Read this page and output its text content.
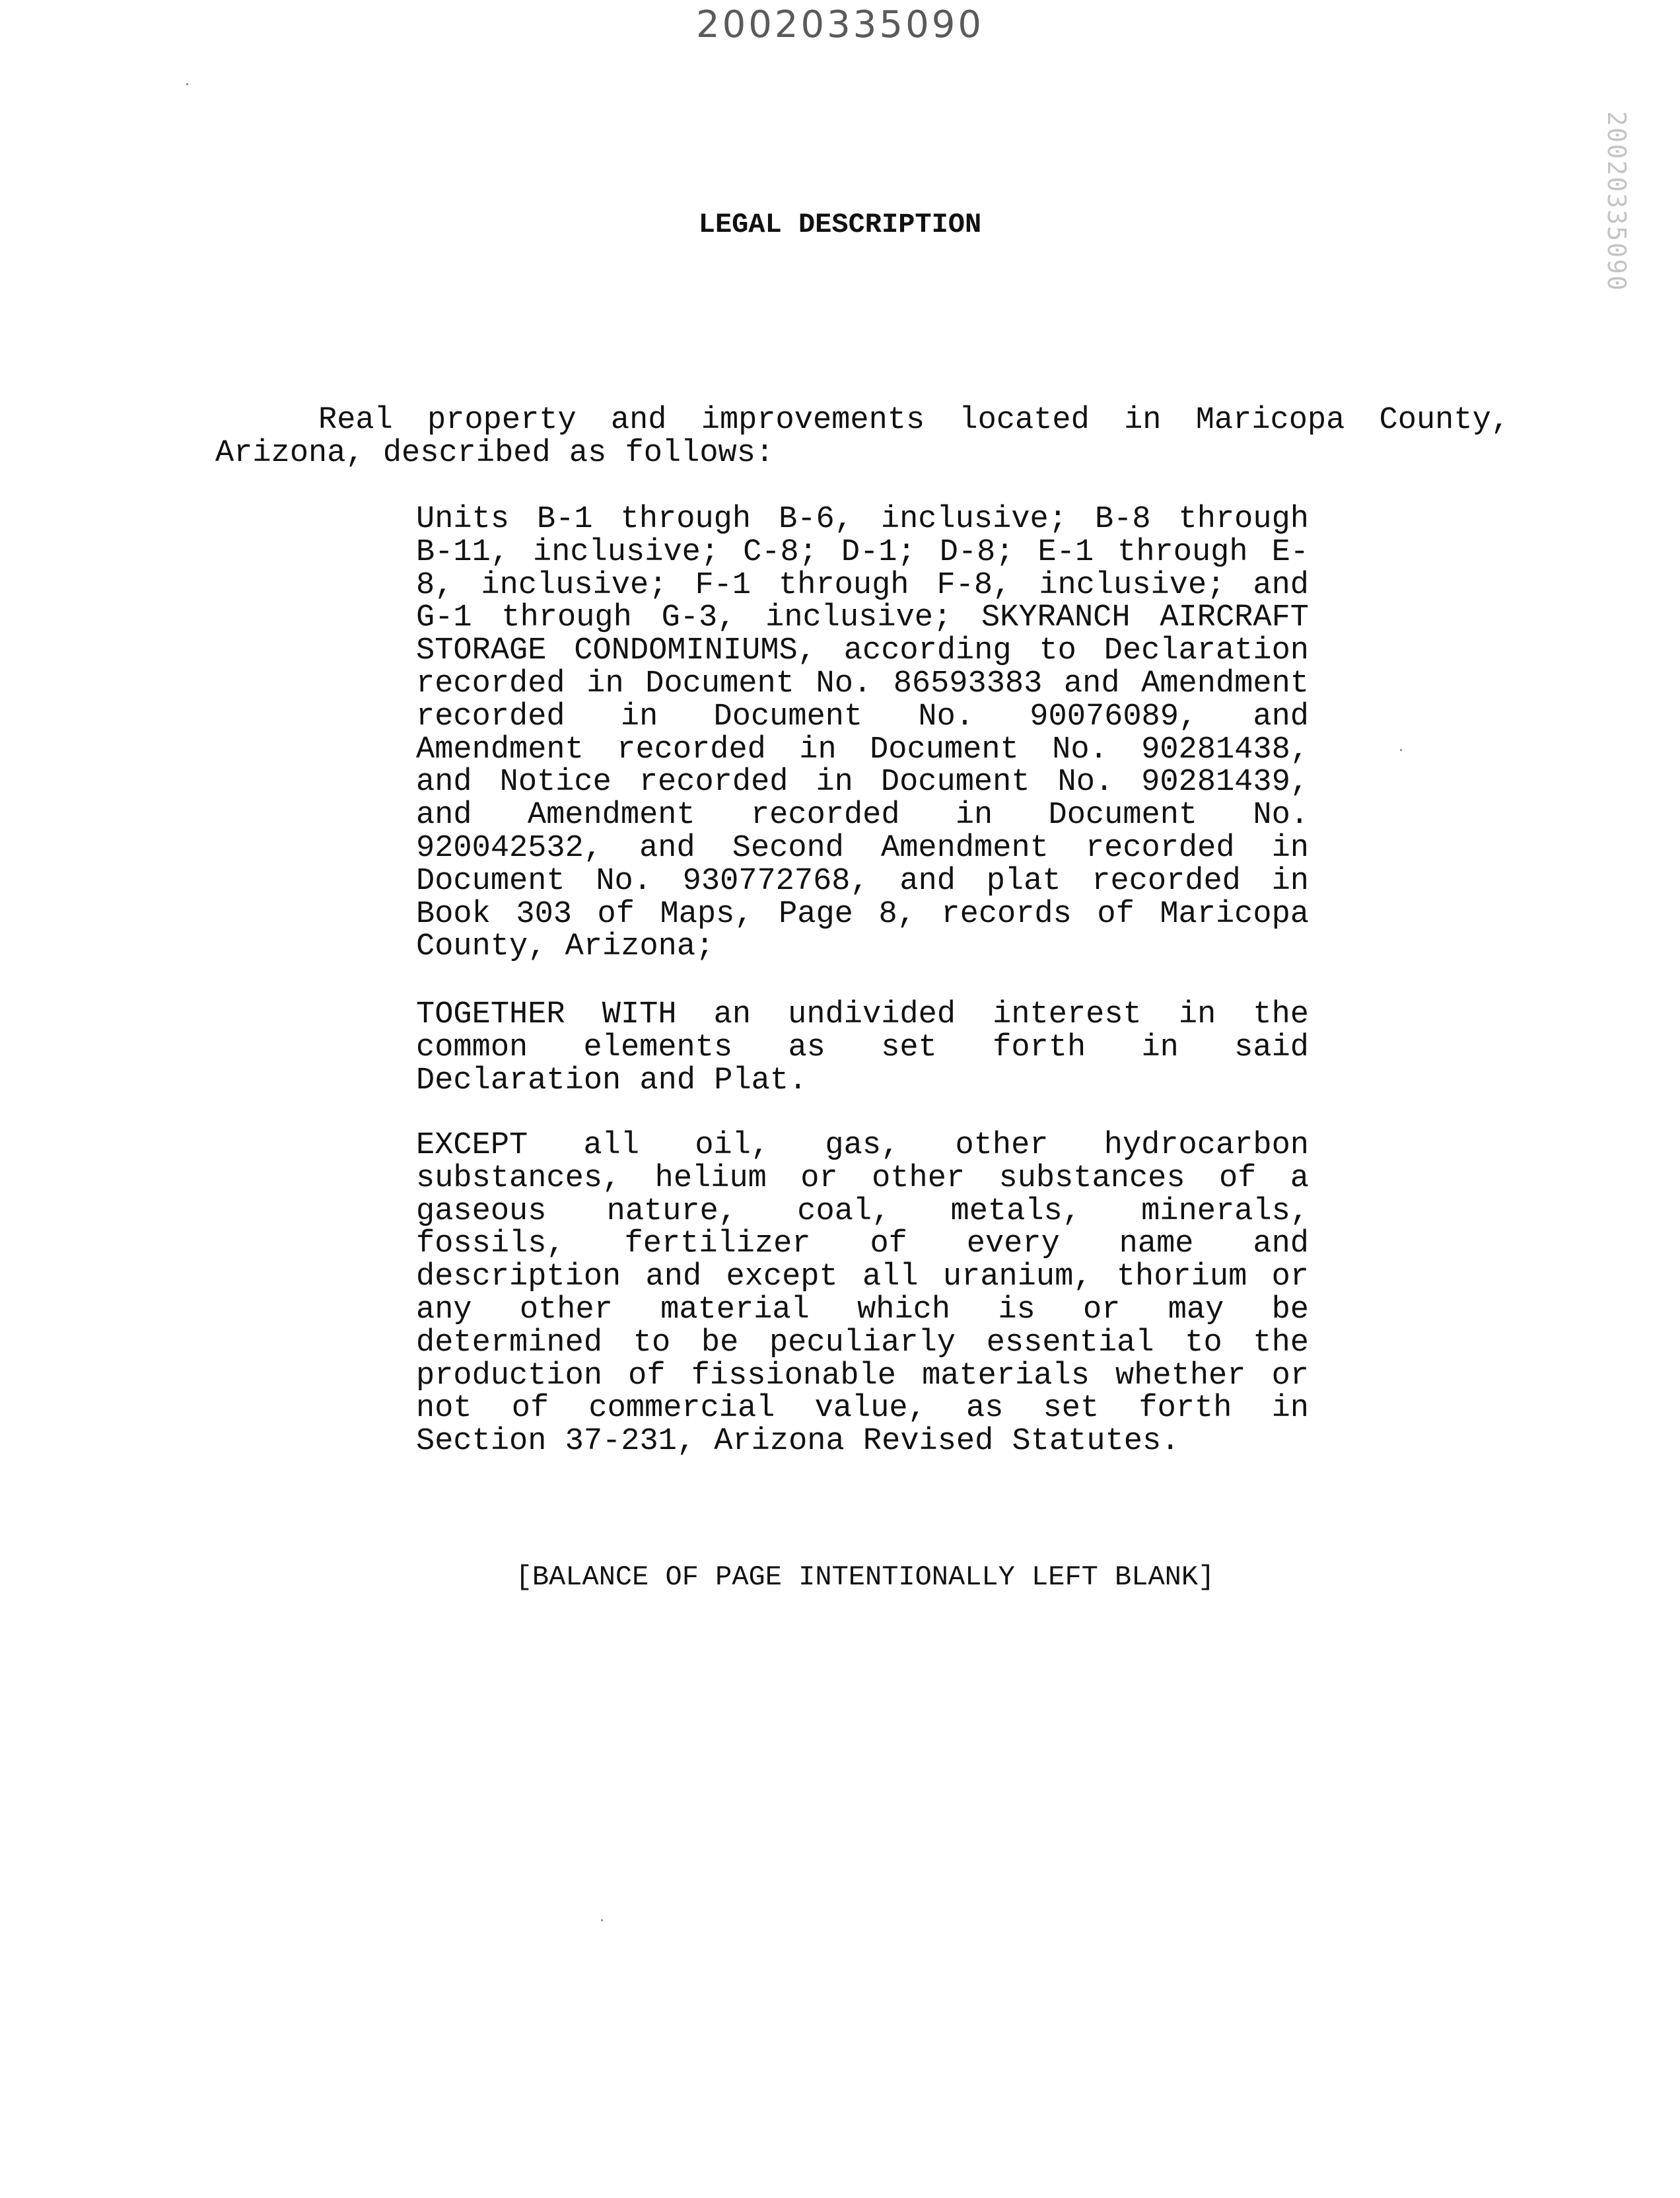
20020335090
20020335090
LEGAL DESCRIPTION
Real property and improvements located in Maricopa County, Arizona, described as follows:
Units B-1 through B-6, inclusive; B-8 through B-11, inclusive; C-8; D-1; D-8; E-1 through E-8, inclusive; F-1 through F-8, inclusive; and G-1 through G-3, inclusive; SKYRANCH AIRCRAFT STORAGE CONDOMINIUMS, according to Declaration recorded in Document No. 86593383 and Amendment recorded in Document No. 90076089, and Amendment recorded in Document No. 90281438, and Notice recorded in Document No. 90281439, and Amendment recorded in Document No. 920042532, and Second Amendment recorded in Document No. 930772768, and plat recorded in Book 303 of Maps, Page 8, records of Maricopa County, Arizona;
TOGETHER WITH an undivided interest in the common elements as set forth in said Declaration and Plat.
EXCEPT all oil, gas, other hydrocarbon substances, helium or other substances of a gaseous nature, coal, metals, minerals, fossils, fertilizer of every name and description and except all uranium, thorium or any other material which is or may be determined to be peculiarly essential to the production of fissionable materials whether or not of commercial value, as set forth in Section 37-231, Arizona Revised Statutes.
[BALANCE OF PAGE INTENTIONALLY LEFT BLANK]
